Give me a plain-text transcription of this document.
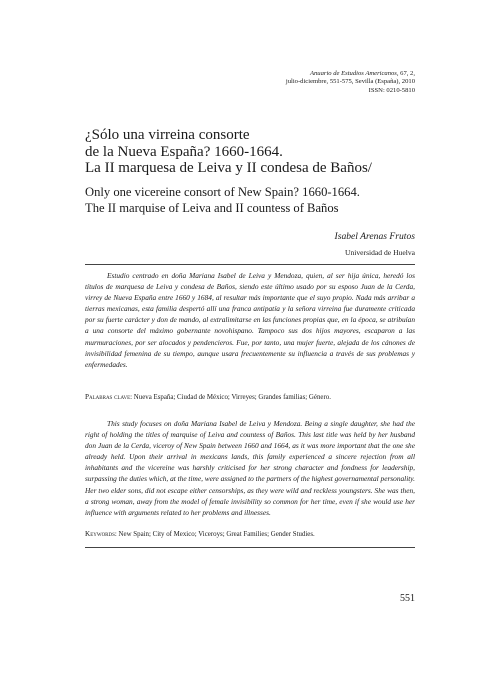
Anuario de Estudios Americanos, 67, 2,
julio-diciembre, 551-575, Sevilla (España), 2010
ISSN: 0210-5810
¿Sólo una virreina consorte
de la Nueva España? 1660-1664.
La II marquesa de Leiva y II condesa de Baños/
Only one vicereine consort of New Spain? 1660-1664.
The II marquise of Leiva and II countess of Baños
Isabel Arenas Frutos
Universidad de Huelva

Estudio centrado en doña Mariana Isabel de Leiva y Mendoza, quien, al ser hija única, heredó los títulos de marquesa de Leiva y condesa de Baños, siendo este último usado por su esposo Juan de la Cerda, virrey de Nueva España entre 1660 y 1684, al resultar más importante que el suyo propio. Nada más arribar a tierras mexicanas, esta familia despertó allí una franca antipatía y la señora virreina fue duramente criticada por su fuerte carácter y don de mando, al extralimitarse en las funciones propias que, en la época, se atribuían a una consorte del máximo gobernante novohispano. Tampoco sus dos hijos mayores, escaparon a las murmuraciones, por ser alocados y pendencieros. Fue, por tanto, una mujer fuerte, alejada de los cánones de invisibilidad femenina de su tiempo, aunque usara frecuentemente su influencia a través de sus problemas y enfermedades.

Palabras clave: Nueva España; Ciudad de México; Virreyes; Grandes familias; Género.

This study focuses on doña Mariana Isabel de Leiva y Mendoza. Being a single daughter, she had the right of holding the titles of marquise of Leiva and countess of Baños. This last title was held by her husband don Juan de la Cerda, viceroy of New Spain between 1660 and 1664, as it was more important that the one she already held. Upon their arrival in mexicans lands, this family experienced a sincere rejection from all inhabitants and the vicereine was harshly criticised for her strong character and fondness for leadership, surpassing the duties which, at the time, were assigned to the partners of the highest governamental personality. Her two elder sons, did not escape either censorships, as they were wild and reckless youngsters. She was then, a strong woman, away from the model of female invisibility so common for her time, even if she would use her influence with arguments related to her problems and illnesses.

Keywords: New Spain; City of Mexico; Viceroys; Great Families; Gender Studies.
551
